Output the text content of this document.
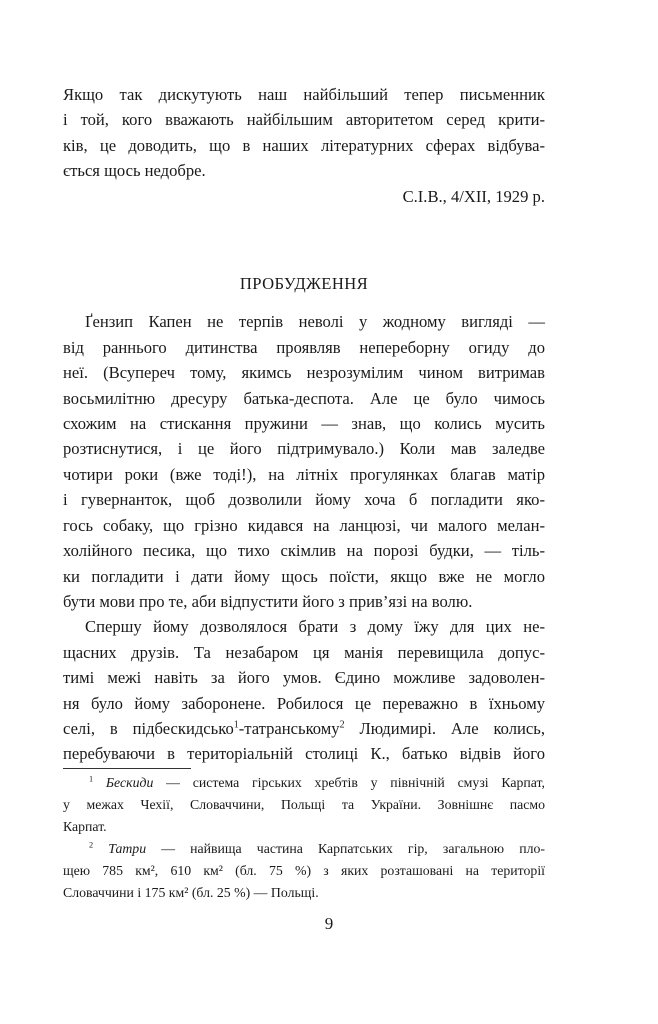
Якщо так дискутують наш найбільший тепер письменник
і той, кого вважають найбільшим авторитетом серед крити-
ків, це доводить, що в наших літературних сферах відбува-
ється щось недобре.
С.І.В., 4/XII, 1929 р.
ПРОБУДЖЕННЯ
Ґензип Капен не терпів неволі у жодному вигляді —
від раннього дитинства проявляв непереборну огиду до
неї. (Всупереч тому, якимсь незрозумілим чином витримав
восьмилітню дресуру батька-деспота. Але це було чимось
схожим на стискання пружини — знав, що колись мусить
розтиснутися, і це його підтримувало.) Коли мав заледве
чотири роки (вже тоді!), на літніх прогулянках благав матір
і гувернанток, щоб дозволили йому хоча б погладити яко-
гось собаку, що грізно кидався на ланцюзі, чи малого мелан-
холійного песика, що тихо скімлив на порозі будки, — тіль-
ки погладити і дати йому щось поїсти, якщо вже не могло
бути мови про те, аби відпустити його з прив’язі на волю.
Спершу йому дозволялося брати з дому їжу для цих не-
щасних друзів. Та незабаром ця манія перевищила допус-
тимі межі навіть за його умов. Єдино можливе задоволен-
ня було йому заборонене. Робилося це переважно в їхньому
селі, в підбескидсько$^1$-татранському$^2$ Людимирі. Але колись,
перебуваючи в територіальній столиці К., батько відвів його
$^1$ Бескиди — система гірських хребтів у північній смузі Карпат,
у межах Чехії, Словаччини, Польщі та України. Зовнішнє пасмо
Карпат.
$^2$ Татри — найвища частина Карпатських гір, загальною пло-
щею 785 км², 610 км² (бл. 75 %) з яких розташовані на території
Словаччини і 175 км² (бл. 25 %) — Польщі.
9
